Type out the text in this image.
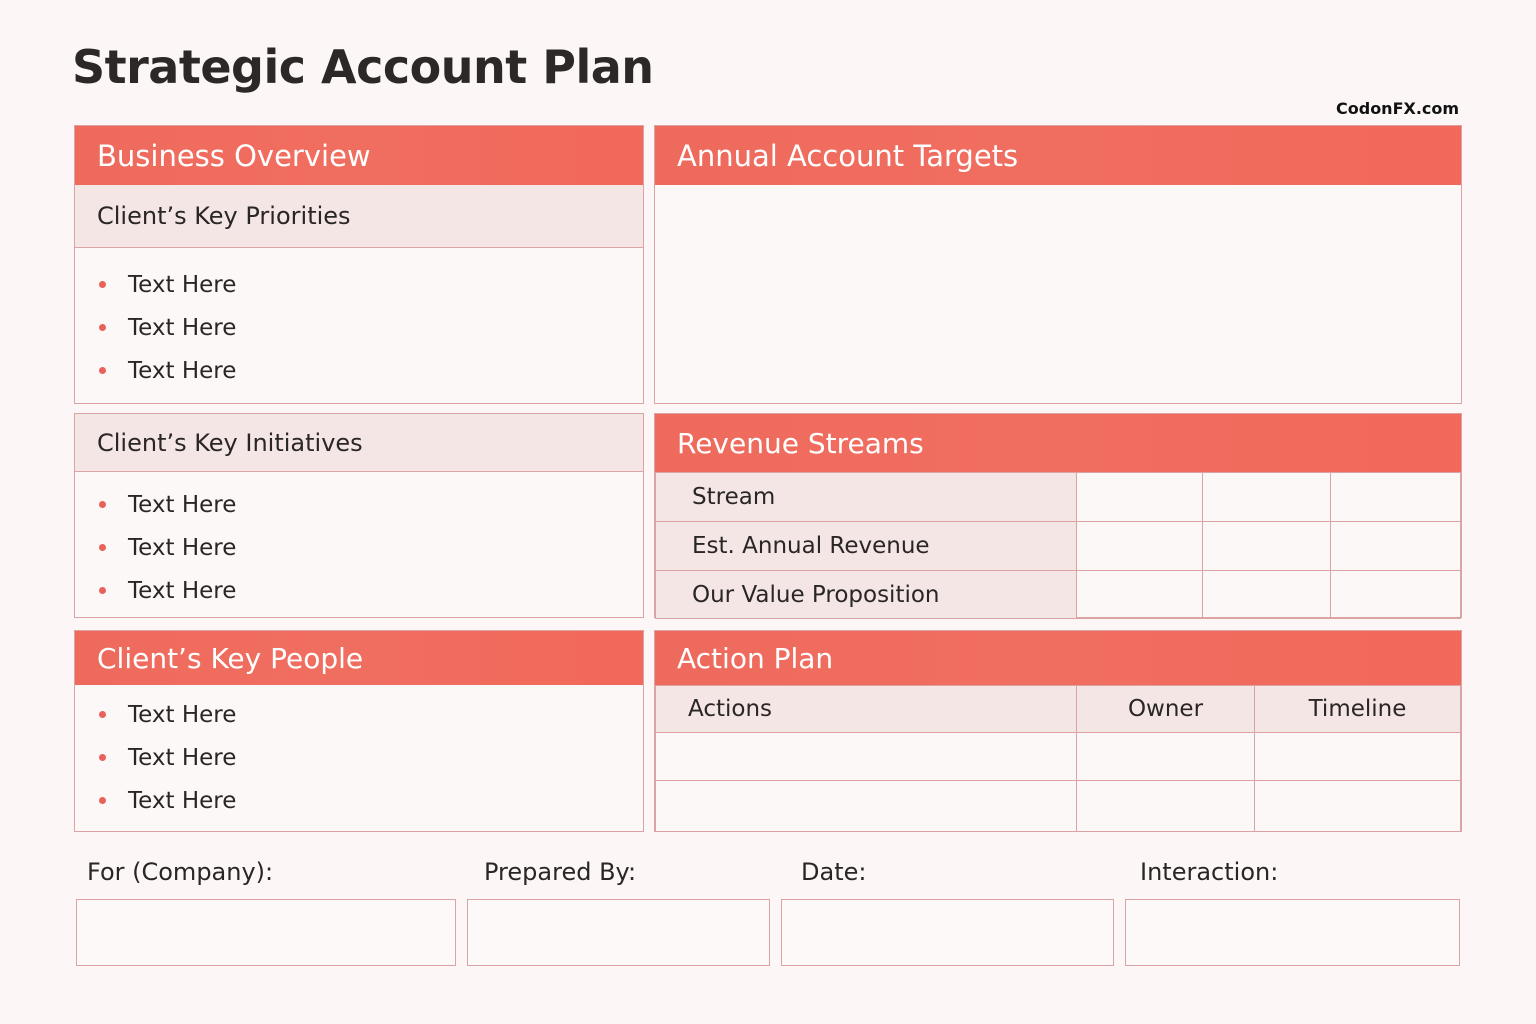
Strategic Account Plan
CodonFX.com
Business Overview
Client’s Key Priorities
Text Here
Text Here
Text Here
Client’s Key Initiatives
Text Here
Text Here
Text Here
Client’s Key People
Text Here
Text Here
Text Here
Annual Account Targets
Revenue Streams
Stream			
Est. Annual Revenue			
Our Value Proposition			
Action Plan
Actions	Owner	Timeline

For (Company):	Prepared By:	Date:	Interaction:
